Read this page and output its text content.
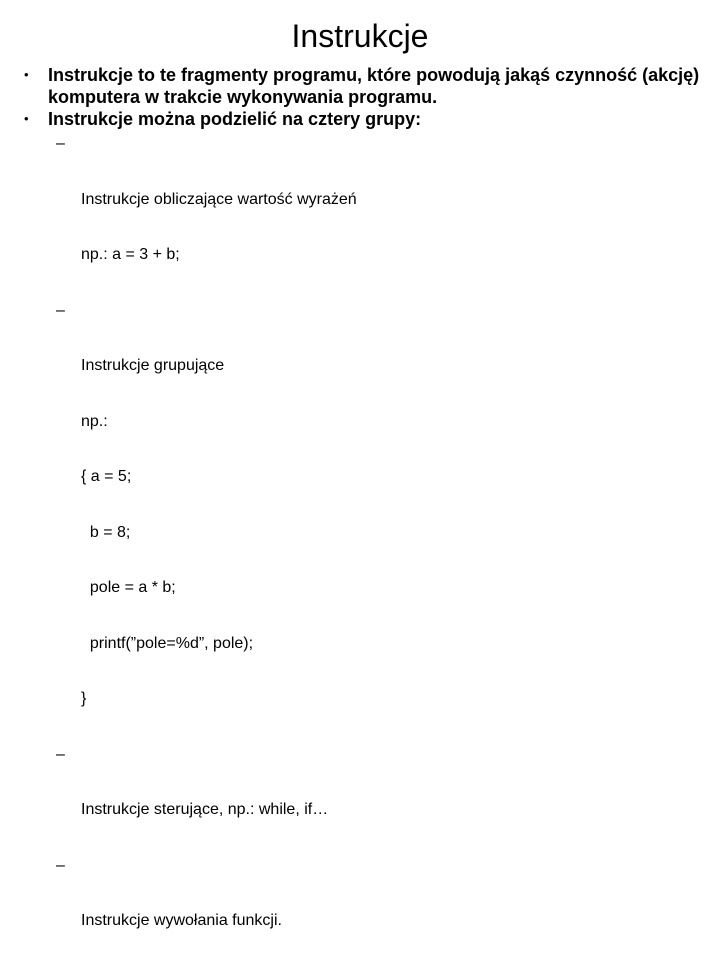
Instrukcje
• Instrukcje to te fragmenty programu, które powodują jakąś czynność (akcję)
komputera w trakcie wykonywania programu.
• Instrukcje można podzielić na cztery grupy:

–

Instrukcje obliczające wartość wyrażeń

np.: a = 3 + b;

–

Instrukcje grupujące

np.:

{ a = 5;

b = 8;

pole = a * b;

printf(”pole=%d”, pole);

}

–

Instrukcje sterujące, np.: while, if…

–

Instrukcje wywołania funkcji.
